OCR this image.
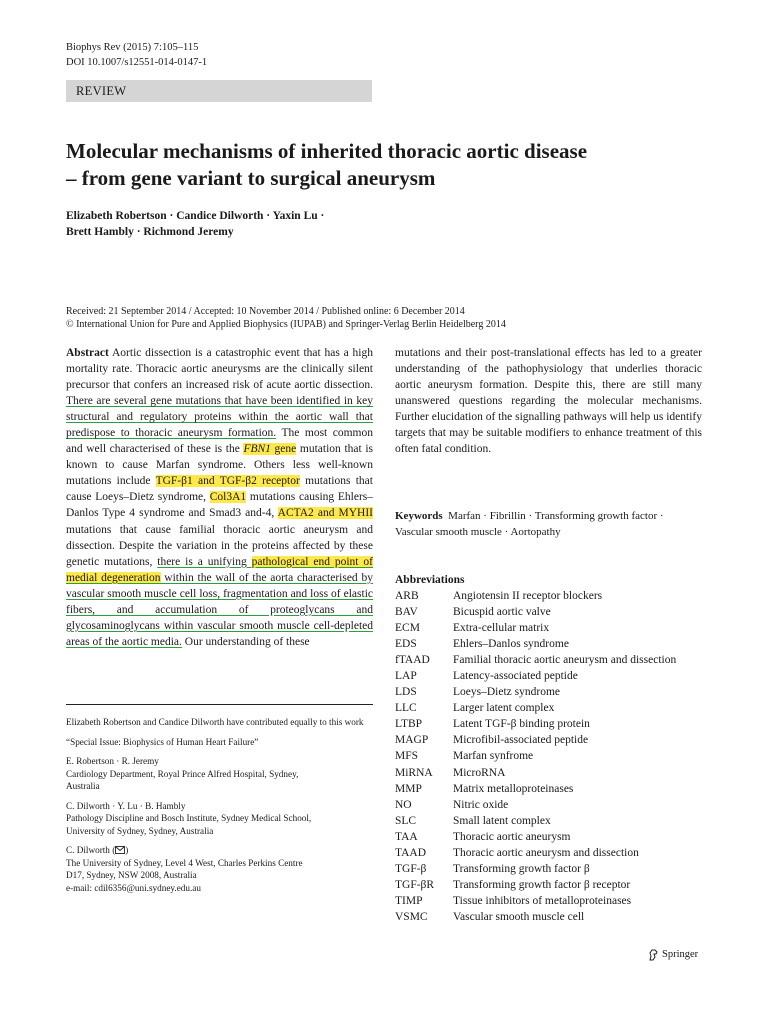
Biophys Rev (2015) 7:105–115
DOI 10.1007/s12551-014-0147-1
REVIEW
Molecular mechanisms of inherited thoracic aortic disease
– from gene variant to surgical aneurysm
Elizabeth Robertson · Candice Dilworth · Yaxin Lu ·
Brett Hambly · Richmond Jeremy
Received: 21 September 2014 / Accepted: 10 November 2014 / Published online: 6 December 2014
© International Union for Pure and Applied Biophysics (IUPAB) and Springer-Verlag Berlin Heidelberg 2014
Abstract Aortic dissection is a catastrophic event that has a high mortality rate. Thoracic aortic aneurysms are the clinically silent precursor that confers an increased risk of acute aortic dissection. There are several gene mutations that have been identified in key structural and regulatory proteins within the aortic wall that predispose to thoracic aneurysm formation. The most common and well characterised of these is the FBN1 gene mutation that is known to cause Marfan syndrome. Others less well-known mutations include TGF-β1 and TGF-β2 receptor mutations that cause Loeys–Dietz syndrome, Col3A1 mutations causing Ehlers–Danlos Type 4 syndrome and Smad3 and-4, ACTA2 and MYHII mutations that cause familial thoracic aortic aneurysm and dissection. Despite the variation in the proteins affected by these genetic mutations, there is a unifying pathological end point of medial degeneration within the wall of the aorta characterised by vascular smooth muscle cell loss, fragmentation and loss of elastic fibers, and accumulation of proteoglycans and glycosaminoglycans within vascular smooth muscle cell-depleted areas of the aortic media. Our understanding of these
mutations and their post-translational effects has led to a greater understanding of the pathophysiology that underlies thoracic aortic aneurysm formation. Despite this, there are still many unanswered questions regarding the molecular mechanisms. Further elucidation of the signalling pathways will help us identify targets that may be suitable modifiers to enhance treatment of this often fatal condition.
Keywords Marfan · Fibrillin · Transforming growth factor · Vascular smooth muscle · Aortopathy
Abbreviations
ARB	Angiotensin II receptor blockers
BAV	Bicuspid aortic valve
ECM	Extra-cellular matrix
EDS	Ehlers–Danlos syndrome
fTAAD	Familial thoracic aortic aneurysm and dissection
LAP	Latency-associated peptide
LDS	Loeys–Dietz syndrome
LLC	Larger latent complex
LTBP	Latent TGF-β binding protein
MAGP	Microfibil-associated peptide
MFS	Marfan synfrome
MiRNA	MicroRNA
MMP	Matrix metalloproteinases
NO	Nitric oxide
SLC	Small latent complex
TAA	Thoracic aortic aneurysm
TAAD	Thoracic aortic aneurysm and dissection
TGF-β	Transforming growth factor β
TGF-βR	Transforming growth factor β receptor
TIMP	Tissue inhibitors of metalloproteinases
VSMC	Vascular smooth muscle cell

Elizabeth Robertson and Candice Dilworth have contributed equally to this work

“Special Issue: Biophysics of Human Heart Failure”

E. Robertson · R. Jeremy
Cardiology Department, Royal Prince Alfred Hospital, Sydney,
Australia

C. Dilworth · Y. Lu · B. Hambly
Pathology Discipline and Bosch Institute, Sydney Medical School,
University of Sydney, Sydney, Australia

C. Dilworth ( )
The University of Sydney, Level 4 West, Charles Perkins Centre
D17, Sydney, NSW 2008, Australia
e-mail: cdil6356@uni.sydney.edu.au

Springer
